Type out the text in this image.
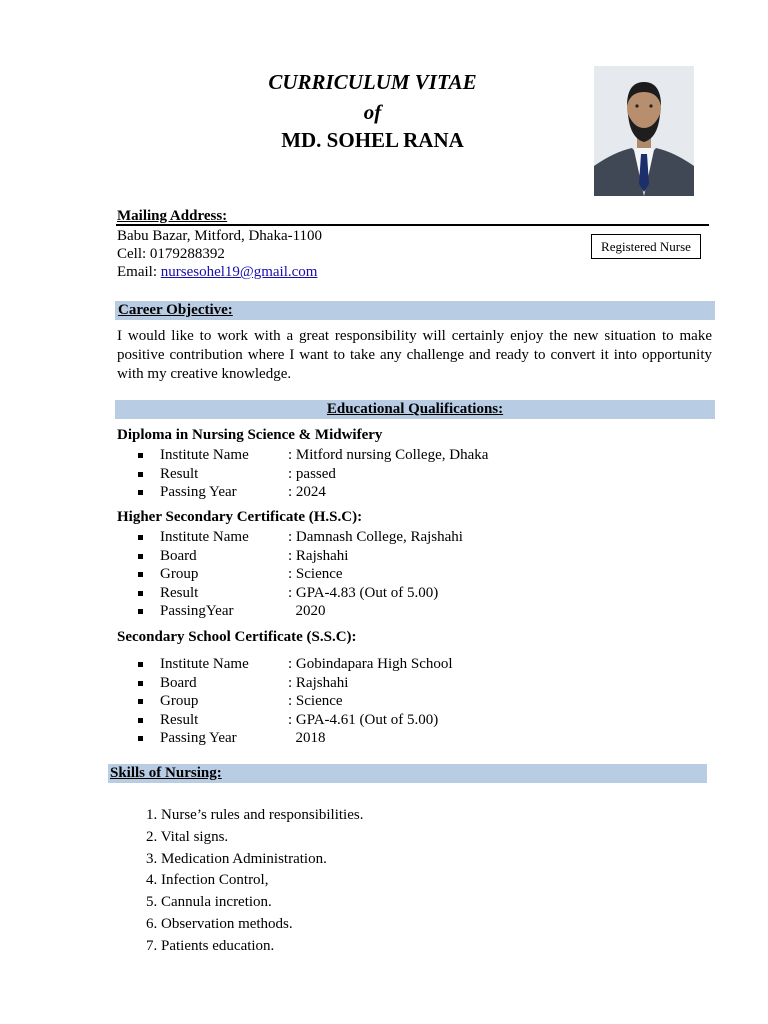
CURRICULUM VITAE
of
MD. SOHEL RANA
Mailing Address:
Babu Bazar, Mitford, Dhaka-1100
Cell: 0179288392
Email: nursesohel19@gmail.com
Registered Nurse
Career Objective:
I would like to work with a great responsibility will certainly enjoy the new situation to make positive contribution where I want to take any challenge and ready to convert it into opportunity with my creative knowledge.
Educational Qualifications:
Diploma in Nursing Science & Midwifery
Institute Name	: Mitford nursing College, Dhaka
Result	: passed
Passing Year	: 2024
Higher Secondary Certificate (H.S.C):
Institute Name	: Damnash College, Rajshahi
Board	: Rajshahi
Group	: Science
Result	: GPA-4.83 (Out of 5.00)
PassingYear	2020
Secondary School Certificate (S.S.C):
Institute Name	: Gobindapara High School
Board	: Rajshahi
Group	: Science
Result	: GPA-4.61 (Out of 5.00)
Passing Year	2018
Skills of Nursing:
1. Nurse’s rules and responsibilities.
2. Vital signs.
3. Medication Administration.
4. Infection Control,
5. Cannula incretion.
6. Observation methods.
7. Patients education.
